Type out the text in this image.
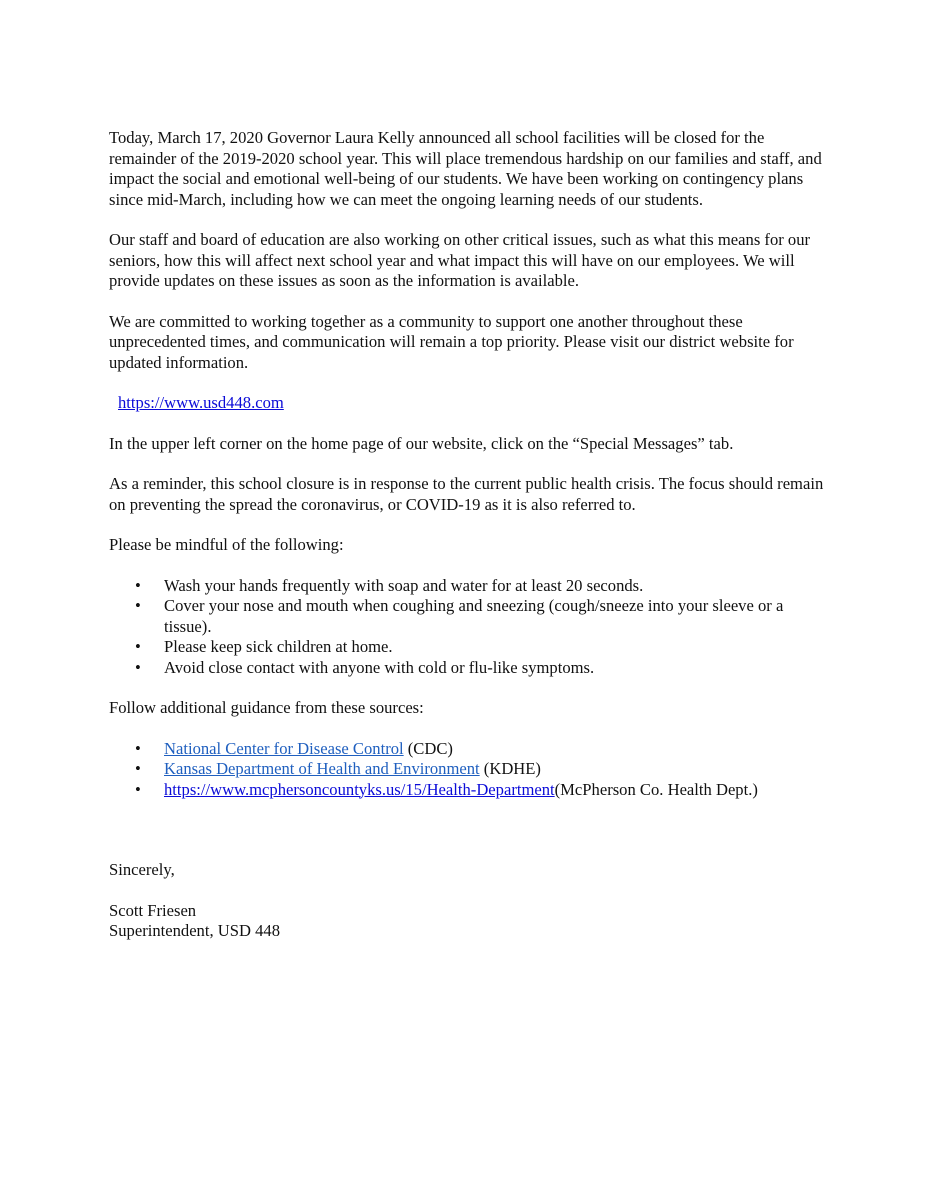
Today, March 17, 2020 Governor Laura Kelly announced all school facilities will be closed for the remainder of the 2019-2020 school year. This will place tremendous hardship on our families and staff, and impact the social and emotional well-being of our students. We have been working on contingency plans since mid-March, including how we can meet the ongoing learning needs of our students.

Our staff and board of education are also working on other critical issues, such as what this means for our seniors, how this will affect next school year and what impact this will have on our employees. We will provide updates on these issues as soon as the information is available.

We are committed to working together as a community to support one another throughout these unprecedented times, and communication will remain a top priority. Please visit our district website for updated information.

https://www.usd448.com

In the upper left corner on the home page of our website, click on the “Special Messages” tab.

As a reminder, this school closure is in response to the current public health crisis. The focus should remain on preventing the spread the coronavirus, or COVID-19 as it is also referred to.

Please be mindful of the following:

• Wash your hands frequently with soap and water for at least 20 seconds.
• Cover your nose and mouth when coughing and sneezing (cough/sneeze into your sleeve or a tissue).
• Please keep sick children at home.
• Avoid close contact with anyone with cold or flu-like symptoms.

Follow additional guidance from these sources:

• National Center for Disease Control (CDC)
• Kansas Department of Health and Environment (KDHE)
• https://www.mcphersoncountyks.us/15/Health-Department(McPherson Co. Health Dept.)

Sincerely,

Scott Friesen
Superintendent, USD 448
